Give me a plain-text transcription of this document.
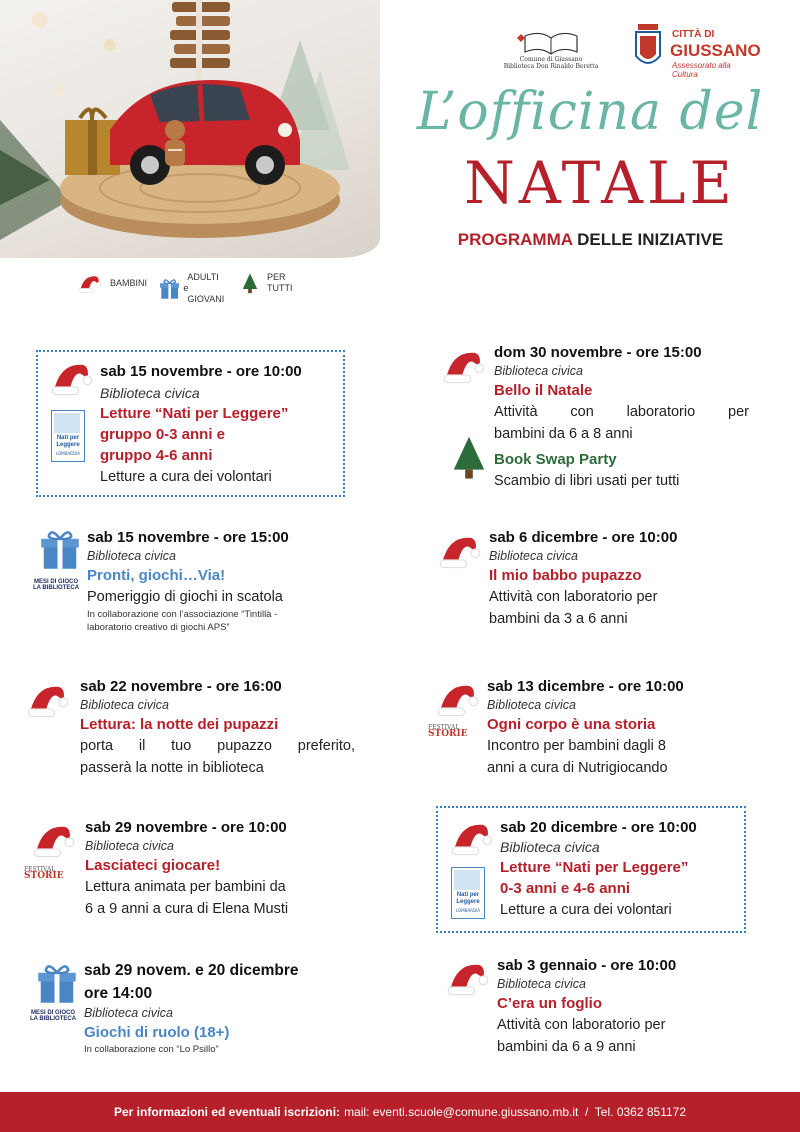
Comune di Giussano
Biblioteca Don Rinaldo Beretta
CITTÀ DI
GIUSSANO
Assessorato alla Cultura
L’officina del
NATALE
PROGRAMMA DELLE INIZIATIVE
BAMBINI
ADULTI e
GIOVANI
PER
TUTTI
Nati per
Leggere
LOMBARDIA
sab 15 novembre - ore 10:00
Biblioteca civica
Letture “Nati per Leggere”
gruppo 0-3 anni e
gruppo 4-6 anni
Letture a cura dei volontari
MESI DI GIOCO
LA BIBLIOTECA
sab 15 novembre - ore 15:00
Biblioteca civica
Pronti, giochi…Via!
Pomeriggio di giochi in scatola
In collaborazione con l’associazione “Tintillà -
laboratorio creativo di giochi APS”
sab 22 novembre - ore 16:00
Biblioteca civica
Lettura: la notte dei pupazzi
porta il tuo pupazzo preferito,
passerà la notte in biblioteca
FESTIVAL
STORIE
sab 29 novembre - ore 10:00
Biblioteca civica
Lasciateci giocare!
Lettura animata per bambini da
6 a 9 anni a cura di Elena Musti
MESI DI GIOCO
LA BIBLIOTECA
sab 29 novem. e 20 dicembre
ore 14:00
Biblioteca civica
Giochi di ruolo (18+)
In collaborazione con “Lo Psillo”
dom 30 novembre - ore 15:00
Biblioteca civica
Bello il Natale
Attività con laboratorio per
bambini da 6 a 8 anni
Book Swap Party
Scambio di libri usati per tutti
sab 6 dicembre - ore 10:00
Biblioteca civica
Il mio babbo pupazzo
Attività con laboratorio per
bambini da 3 a 6 anni
FESTIVAL
STORIE
sab 13 dicembre - ore 10:00
Biblioteca civica
Ogni corpo è una storia
Incontro per bambini dagli 8
anni a cura di Nutrigiocando
Nati per
Leggere
LOMBARDIA
sab 20 dicembre - ore 10:00
Biblioteca civica
Letture “Nati per Leggere”
0-3 anni e 4-6 anni
Letture a cura dei volontari
sab 3 gennaio - ore 10:00
Biblioteca civica
C’era un foglio
Attività con laboratorio per
bambini da 6 a 9 anni
Per informazioni ed eventuali iscrizioni: mail: eventi.scuole@comune.giussano.mb.it  /  Tel. 0362 851172
